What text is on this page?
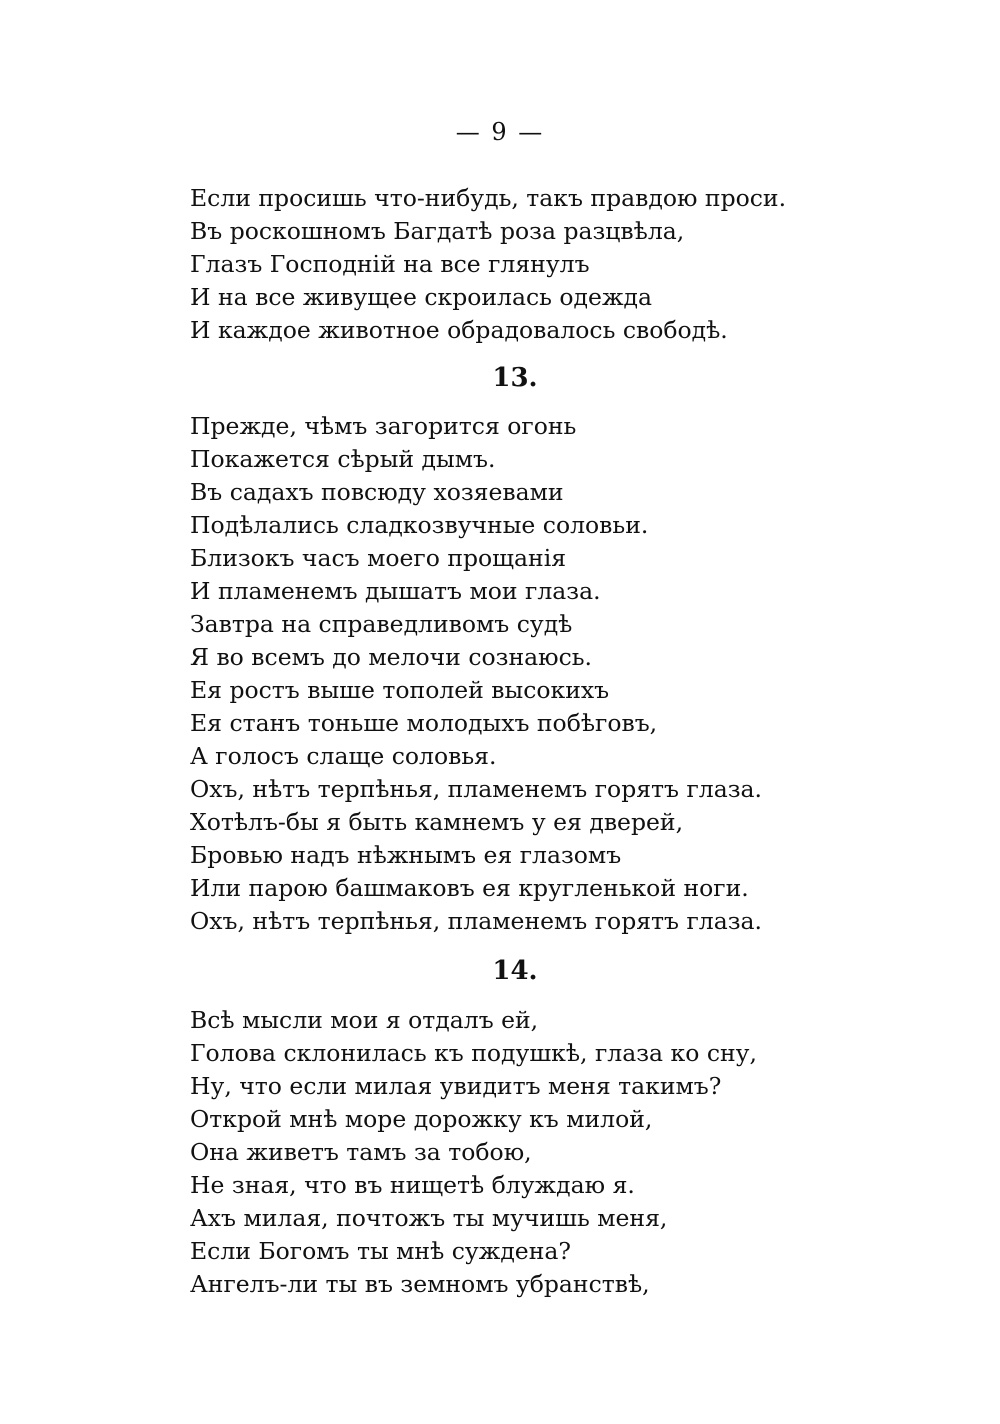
— 9 —
Если просишь что-нибудь, такъ правдою проси.
Въ роскошномъ Багдатѣ роза разцвѣла,
Глазъ Господній на все глянулъ
И на все живущее скроилась одежда
И каждое животное обрадовалось свободѣ.
13.
Прежде, чѣмъ загорится огонь
Покажется сѣрый дымъ.
Въ садахъ повсюду хозяевами
Подѣлались сладкозвучные соловьи.
Близокъ часъ моего прощанія
И пламенемъ дышатъ мои глаза.
Завтра на справедливомъ судѣ
Я во всемъ до мелочи сознаюсь.
Ея ростъ выше тополей высокихъ
Ея станъ тоньше молодыхъ побѣговъ,
А голосъ слаще соловья.
Охъ, нѣтъ терпѣнья, пламенемъ горятъ глаза.
Хотѣлъ-бы я быть камнемъ у ея дверей,
Бровью надъ нѣжнымъ ея глазомъ
Или парою башмаковъ ея кругленькой ноги.
Охъ, нѣтъ терпѣнья, пламенемъ горятъ глаза.
14.
Всѣ мысли мои я отдалъ ей,
Голова склонилась къ подушкѣ, глаза ко сну,
Ну, что если милая увидитъ меня такимъ?
Открой мнѣ море дорожку къ милой,
Она живетъ тамъ за тобою,
Не зная, что въ нищетѣ блуждаю я.
Ахъ милая, почтожъ ты мучишь меня,
Если Богомъ ты мнѣ суждена?
Ангелъ-ли ты въ земномъ убранствѣ,
